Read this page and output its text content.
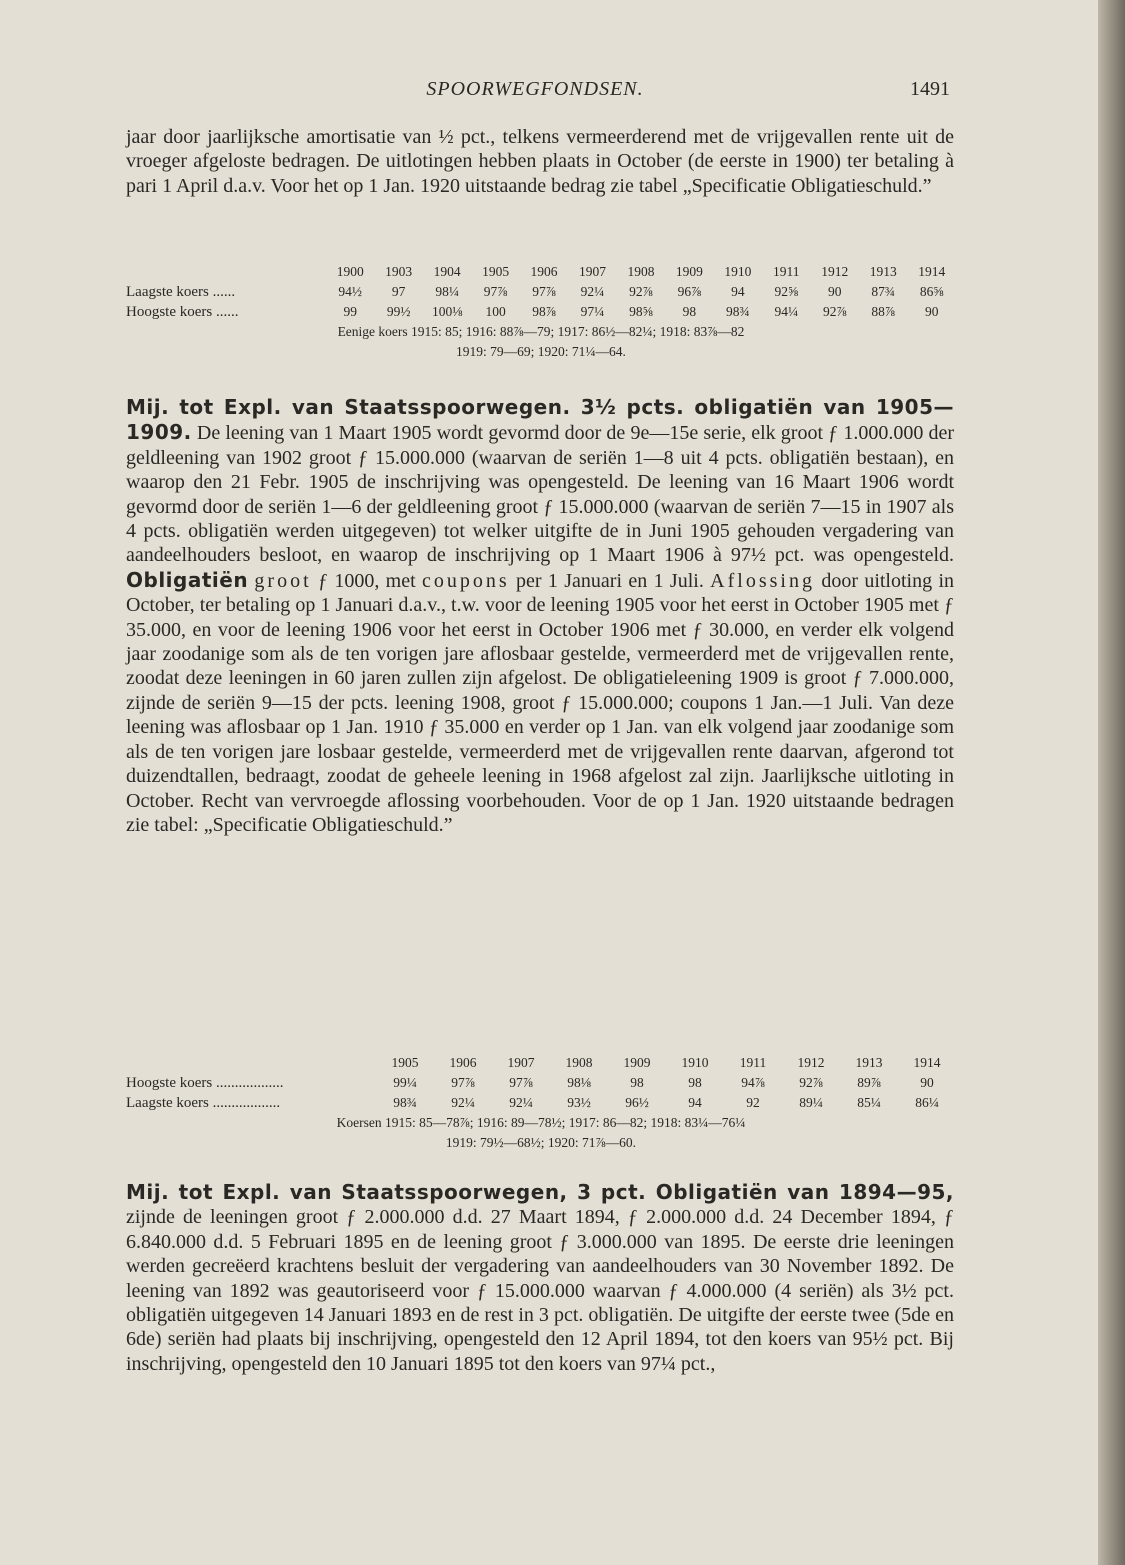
SPOORWEGFONDSEN.	1491

jaar door jaarlijksche amortisatie van ½ pct., telkens vermeerderend met de vrijgevallen rente uit de vroeger afgeloste bedragen. De uitlotingen hebben plaats in October (de eerste in 1900) ter betaling à pari 1 April d.a.v. Voor het op 1 Jan. 1920 uitstaande bedrag zie tabel „Specificatie Obligatieschuld.”

	1900	1903	1904	1905	1906	1907	1908	1909	1910	1911	1912	1913	1914
Laagste koers ......	94½	97	98¼	97⅞	97⅞	92¼	92⅞	96⅞	94	92⅝	90	87¾	86⅝
Hoogste koers ......	99	99½	100⅛	100	98⅞	97¼	98⅝	98	98¾	94¼	92⅞	88⅞	90
Eenige koers 1915: 85; 1916: 88⅞—79; 1917: 86½—82¼; 1918: 83⅞—82
1919: 79—69; 1920: 71¼—64.

Mij. tot Expl. van Staatsspoorwegen. 3½ pcts. obligatiën van 1905—1909. De leening van 1 Maart 1905 wordt gevormd door de 9e—15e serie, elk groot ƒ 1.000.000 der geldleening van 1902 groot ƒ 15.000.000 (waarvan de seriën 1—8 uit 4 pcts. obligatiën bestaan), en waarop den 21 Febr. 1905 de inschrijving was opengesteld. De leening van 16 Maart 1906 wordt gevormd door de seriën 1—6 der geldleening groot ƒ 15.000.000 (waarvan de seriën 7—15 in 1907 als 4 pcts. obligatiën werden uitgegeven) tot welker uitgifte de in Juni 1905 gehouden vergadering van aandeelhouders besloot, en waarop de inschrijving op 1 Maart 1906 à 97½ pct. was opengesteld. Obligatiën groot ƒ 1000, met coupons per 1 Januari en 1 Juli. Aflossing door uitloting in October, ter betaling op 1 Januari d.a.v., t.w. voor de leening 1905 voor het eerst in October 1905 met ƒ 35.000, en voor de leening 1906 voor het eerst in October 1906 met ƒ 30.000, en verder elk volgend jaar zoodanige som als de ten vorigen jare aflosbaar gestelde, vermeerderd met de vrijgevallen rente, zoodat deze leeningen in 60 jaren zullen zijn afgelost. De obligatieleening 1909 is groot ƒ 7.000.000, zijnde de seriën 9—15 der pcts. leening 1908, groot ƒ 15.000.000; coupons 1 Jan.—1 Juli. Van deze leening was aflosbaar op 1 Jan. 1910 ƒ 35.000 en verder op 1 Jan. van elk volgend jaar zoodanige som als de ten vorigen jare losbaar gestelde, vermeerderd met de vrijgevallen rente daarvan, afgerond tot duizendtallen, bedraagt, zoodat de geheele leening in 1968 afgelost zal zijn. Jaarlijksche uitloting in October. Recht van vervroegde aflossing voorbehouden. Voor de op 1 Jan. 1920 uitstaande bedragen zie tabel: „Specificatie Obligatieschuld.”

	1905	1906	1907	1908	1909	1910	1911	1912	1913	1914
Hoogste koers ..................	99¼	97⅞	97⅞	98⅛	98	98	94⅞	92⅞	89⅞	90
Laagste koers ..................	98¾	92¼	92¼	93½	96½	94	92	89¼	85¼	86¼
Koersen 1915: 85—78⅞; 1916: 89—78½; 1917: 86—82; 1918: 83¼—76¼
1919: 79½—68½; 1920: 71⅞—60.

Mij. tot Expl. van Staatsspoorwegen, 3 pct. Obligatiën van 1894—95, zijnde de leeningen groot ƒ 2.000.000 d.d. 27 Maart 1894, ƒ 2.000.000 d.d. 24 December 1894, ƒ 6.840.000 d.d. 5 Februari 1895 en de leening groot ƒ 3.000.000 van 1895. De eerste drie leeningen werden gecreëerd krachtens besluit der vergadering van aandeelhouders van 30 November 1892. De leening van 1892 was geautoriseerd voor ƒ 15.000.000 waarvan ƒ 4.000.000 (4 seriën) als 3½ pct. obligatiën uitgegeven 14 Januari 1893 en de rest in 3 pct. obligatiën. De uitgifte der eerste twee (5de en 6de) seriën had plaats bij inschrijving, opengesteld den 12 April 1894, tot den koers van 95½ pct. Bij inschrijving, opengesteld den 10 Januari 1895 tot den koers van 97¼ pct.,
